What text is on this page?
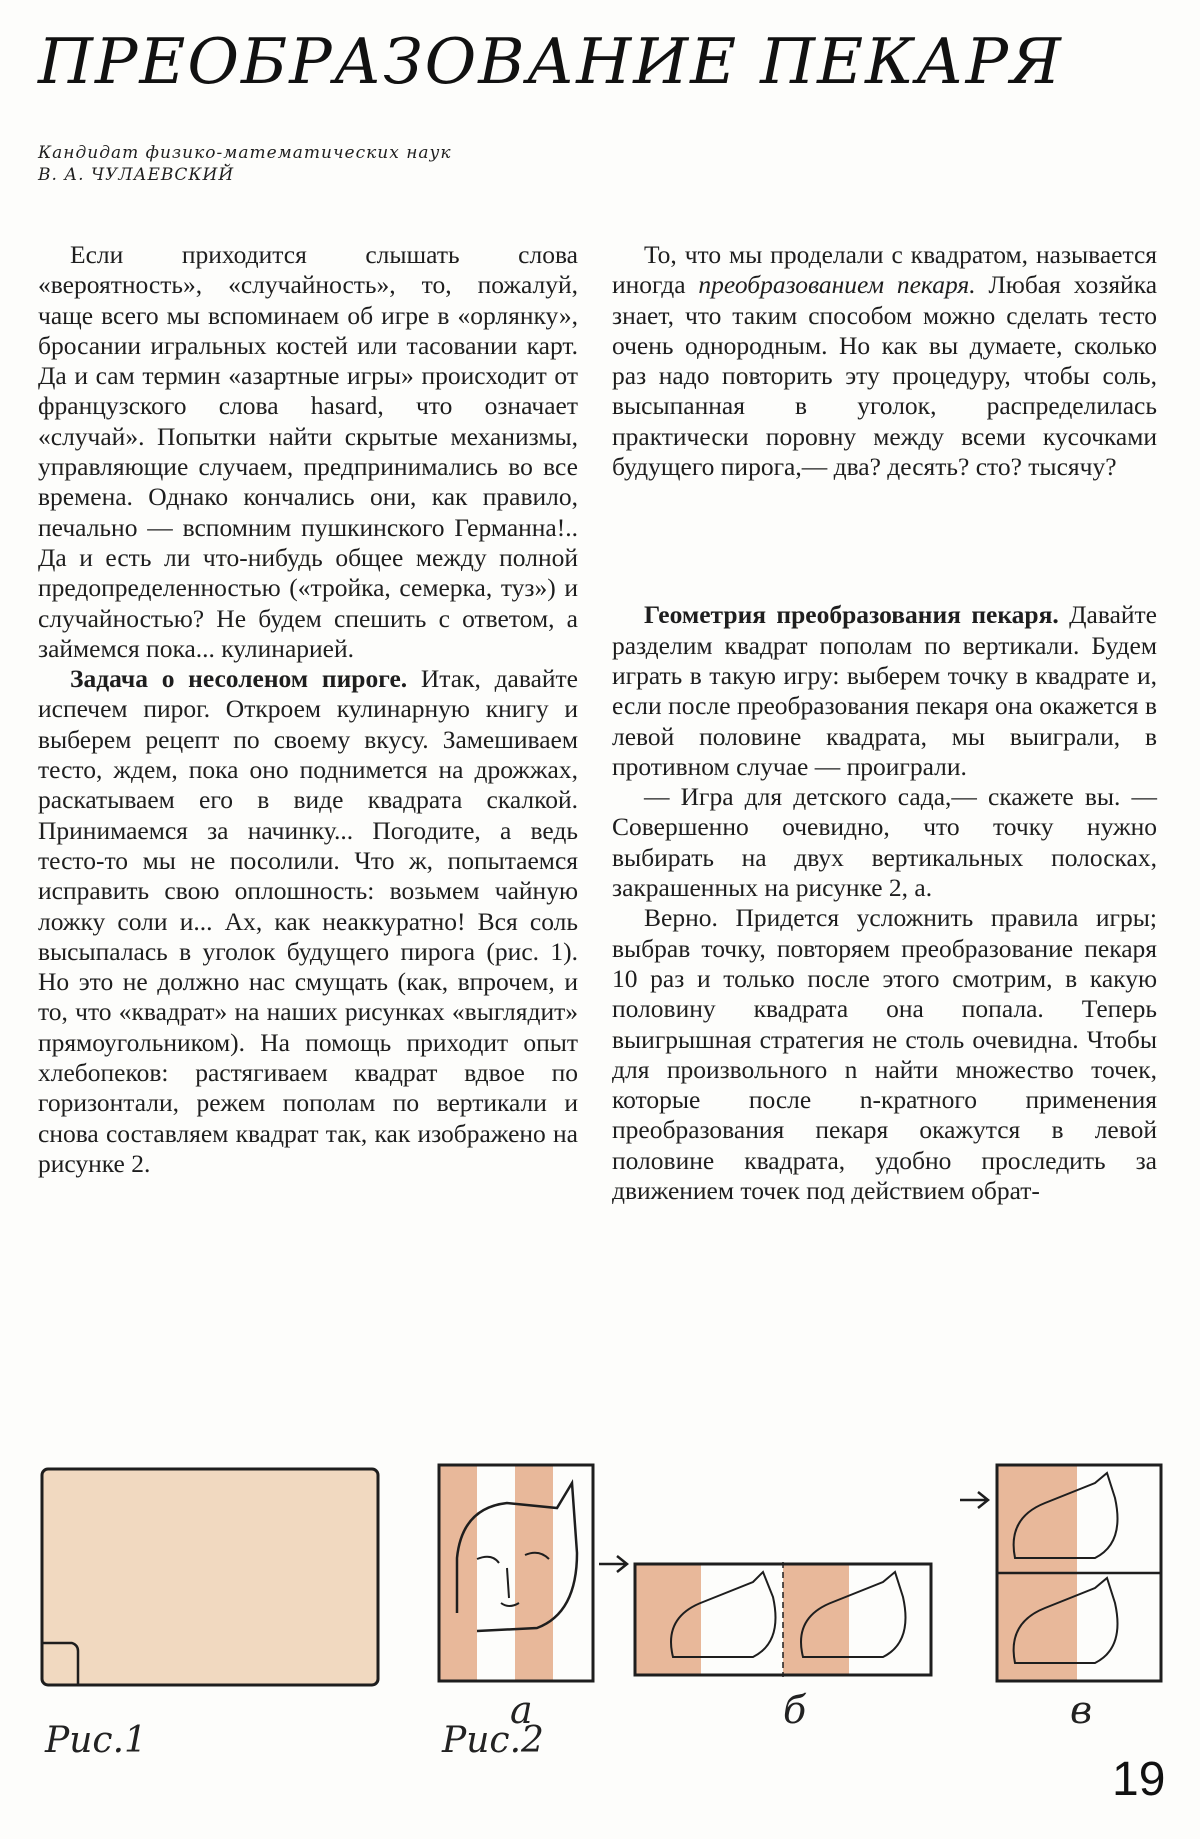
ПРЕОБРАЗОВАНИЕ ПЕКАРЯ
Кандидат физико-математических наук
В. А. ЧУЛАЕВСКИЙ

Если приходится слышать слова «вероятность», «случайность», то, пожалуй, чаще всего мы вспоминаем об игре в «орлянку», бросании игральных костей или тасовании карт. Да и сам термин «азартные игры» происходит от французского слова hasard, что означает «случай». Попытки найти скрытые механизмы, управляющие случаем, предпринимались во все времена. Однако кончались они, как правило, печально — вспомним пушкинского Германна!.. Да и есть ли что-нибудь общее между полной предопределенностью («тройка, семерка, туз») и случайностью? Не будем спешить с ответом, а займемся пока... кулинарией.

Задача о несоленом пироге. Итак, давайте испечем пирог. Откроем кулинарную книгу и выберем рецепт по своему вкусу. Замешиваем тесто, ждем, пока оно поднимется на дрожжах, раскатываем его в виде квадрата скалкой. Принимаемся за начинку... Погодите, а ведь тесто-то мы не посолили. Что ж, попытаемся исправить свою оплошность: возьмем чайную ложку соли и... Ах, как неаккуратно! Вся соль высыпалась в уголок будущего пирога (рис. 1). Но это не должно нас смущать (как, впрочем, и то, что «квадрат» на наших рисунках «выглядит» прямоугольником). На помощь приходит опыт хлебопеков: растягиваем квадрат вдвое по горизонтали, режем пополам по вертикали и снова составляем квадрат так, как изображено на рисунке 2.

То, что мы проделали с квадратом, называется иногда преобразованием пекаря. Любая хозяйка знает, что таким способом можно сделать тесто очень однородным. Но как вы думаете, сколько раз надо повторить эту процедуру, чтобы соль, высыпанная в уголок, распределилась практически поровну между всеми кусочками будущего пирога,— два? десять? сто? тысячу?

Геометрия преобразования пекаря. Давайте разделим квадрат пополам по вертикали. Будем играть в такую игру: выберем точку в квадрате и, если после преобразования пекаря она окажется в левой половине квадрата, мы выиграли, в противном случае — проиграли.

— Игра для детского сада,— скажете вы. — Совершенно очевидно, что точку нужно выбирать на двух вертикальных полосках, закрашенных на рисунке 2, а.

Верно. Придется усложнить правила игры; выбрав точку, повторяем преобразование пекаря 10 раз и только после этого смотрим, в какую половину квадрата она попала. Теперь выигрышная стратегия не столь очевидна. Чтобы для произвольного n найти множество точек, которые после n-кратного применения преобразования пекаря окажутся в левой половине квадрата, удобно проследить за движением точек под действием обрат-

Рис.1
а	б	в
Рис.2
19
